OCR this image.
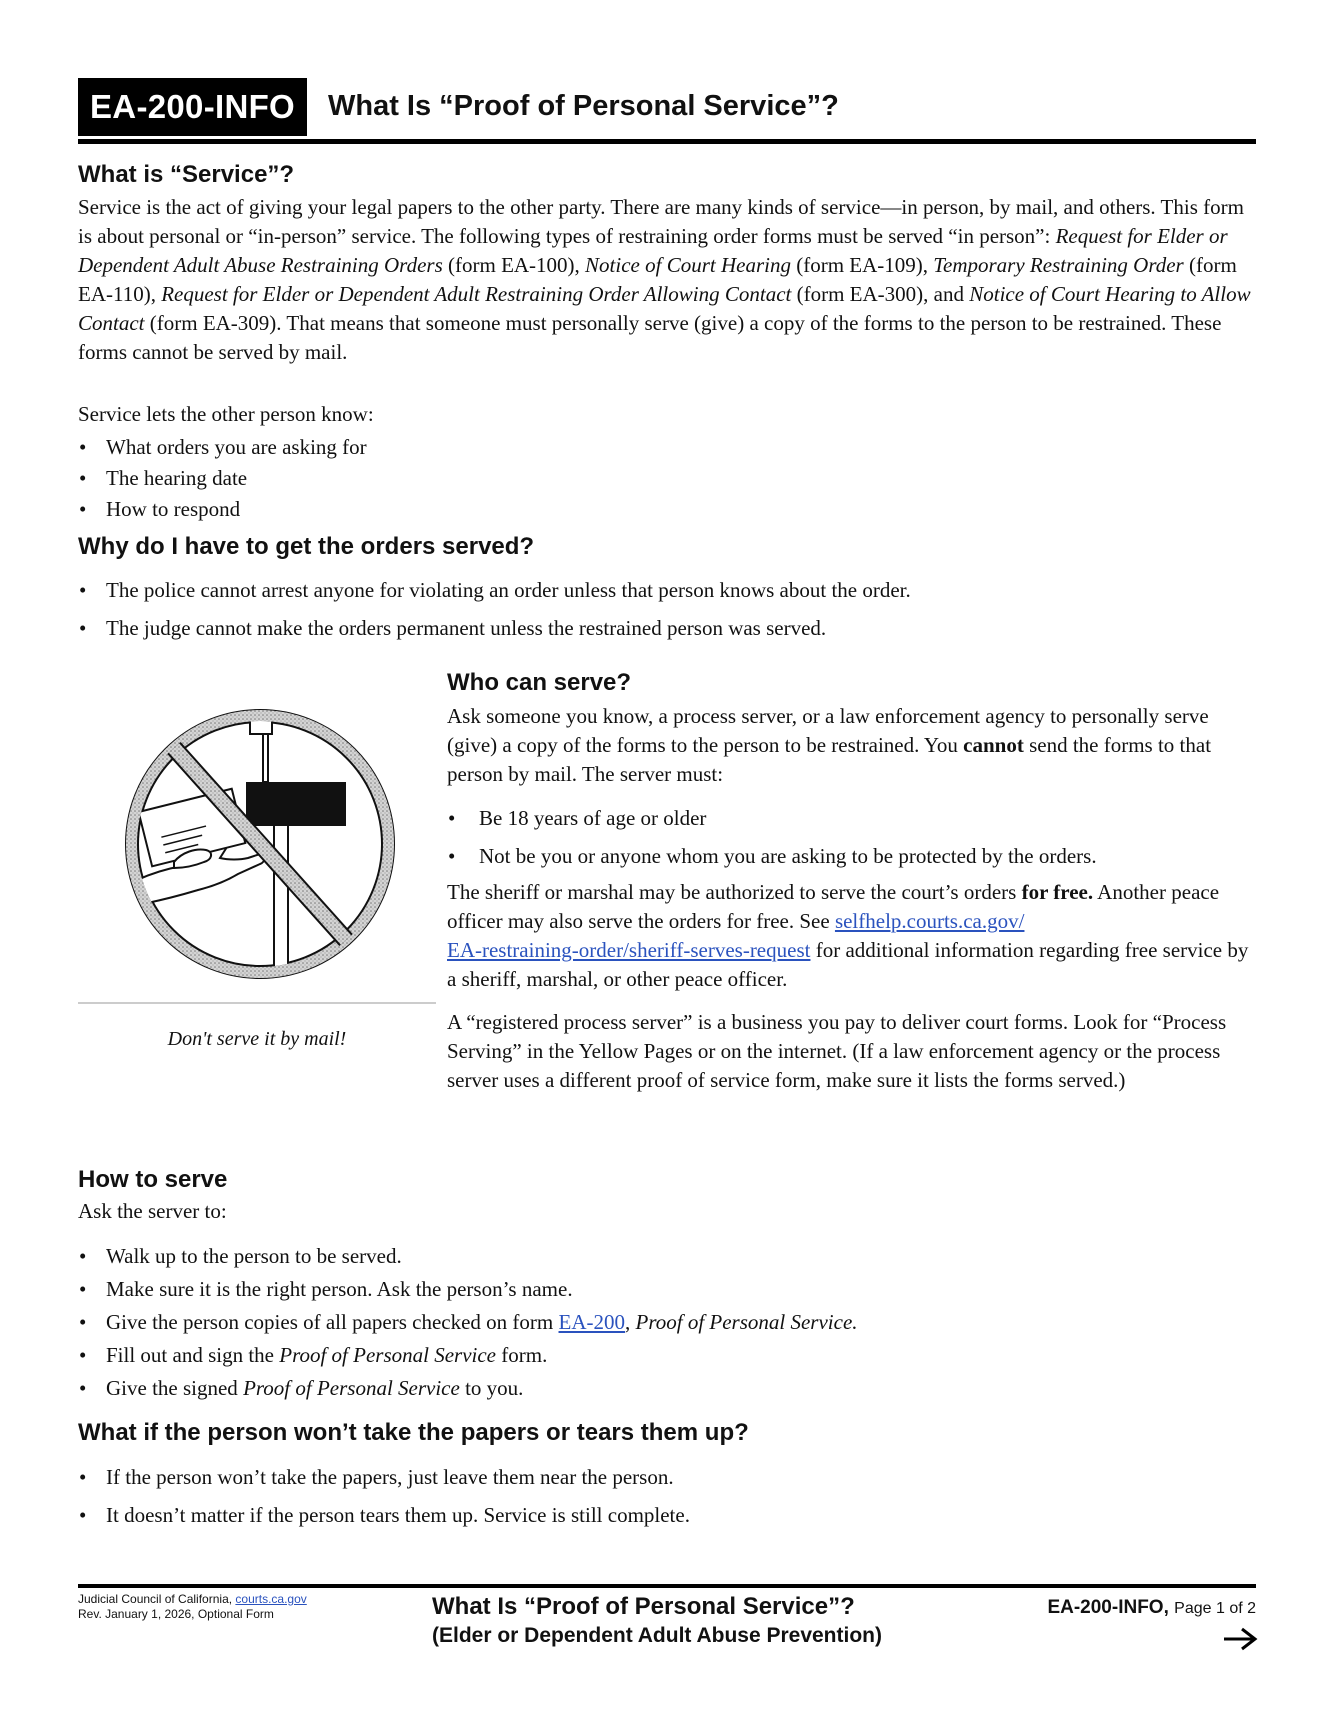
EA-200-INFO	What Is “Proof of Personal Service”?
What is “Service”?
Service is the act of giving your legal papers to the other party. There are many kinds of service—in person, by mail, and others. This form is about personal or “in-person” service. The following types of restraining order forms must be served “in person”: Request for Elder or Dependent Adult Abuse Restraining Orders (form EA-100), Notice of Court Hearing (form EA-109), Temporary Restraining Order (form EA-110), Request for Elder or Dependent Adult Restraining Order Allowing Contact (form EA-300), and Notice of Court Hearing to Allow Contact (form EA-309). That means that someone must personally serve (give) a copy of the forms to the person to be restrained. These forms cannot be served by mail.
Service lets the other person know:
• What orders you are asking for
• The hearing date
• How to respond
Why do I have to get the orders served?
• The police cannot arrest anyone for violating an order unless that person knows about the order.
• The judge cannot make the orders permanent unless the restrained person was served.
Don't serve it by mail!
Who can serve?
Ask someone you know, a process server, or a law enforcement agency to personally serve (give) a copy of the forms to the person to be restrained. You cannot send the forms to that person by mail. The server must:
• Be 18 years of age or older
• Not be you or anyone whom you are asking to be protected by the orders.
The sheriff or marshal may be authorized to serve the court’s orders for free. Another peace officer may also serve the orders for free. See selfhelp.courts.ca.gov/
EA-restraining-order/sheriff-serves-request for additional information regarding free service by a sheriff, marshal, or other peace officer.
A “registered process server” is a business you pay to deliver court forms. Look for “Process Serving” in the Yellow Pages or on the internet. (If a law enforcement agency or the process server uses a different proof of service form, make sure it lists the forms served.)
How to serve
Ask the server to:
• Walk up to the person to be served.
• Make sure it is the right person. Ask the person’s name.
• Give the person copies of all papers checked on form EA-200, Proof of Personal Service.
• Fill out and sign the Proof of Personal Service form.
• Give the signed Proof of Personal Service to you.
What if the person won’t take the papers or tears them up?
• If the person won’t take the papers, just leave them near the person.
• It doesn’t matter if the person tears them up. Service is still complete.
Judicial Council of California, courts.ca.gov
Rev. January 1, 2026, Optional Form	What Is “Proof of Personal Service”?
(Elder or Dependent Adult Abuse Prevention)
EA-200-INFO, Page 1 of 2
